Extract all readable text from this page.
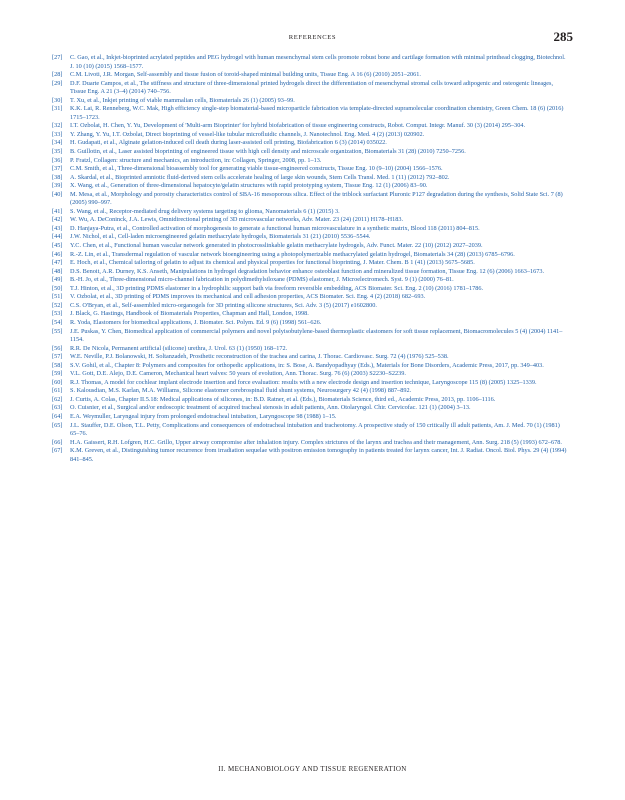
REFERENCES	285
[27] C. Gao, et al., Inkjet-bioprinted acrylated peptides and PEG hydrogel with human mesenchymal stem cells promote robust bone and cartilage formation with minimal printhead clogging, Biotechnol. J. 10 (10) (2015) 1568–1577.
[28] C.M. Livoti, J.R. Morgan, Self-assembly and tissue fusion of toroid-shaped minimal building units, Tissue Eng. A 16 (6) (2010) 2051–2061.
[29] D.F. Duarte Campos, et al., The stiffness and structure of three-dimensional printed hydrogels direct the differentiation of mesenchymal stromal cells toward adipogenic and osteogenic lineages, Tissue Eng. A 21 (3–4) (2014) 740–756.
[30] T. Xu, et al., Inkjet printing of viable mammalian cells, Biomaterials 26 (1) (2005) 93–99.
[31] K.K. Lai, R. Renneberg, W.C. Mak, High efficiency single-step biomaterial-based microparticle fabrication via template-directed supramolecular coordination chemistry, Green Chem. 18 (6) (2016) 1715–1723.
[32] I.T. Ozbolat, H. Chen, Y. Yu, Development of 'Multi-arm Bioprinter' for hybrid biofabrication of tissue engineering constructs, Robot. Comput. Integr. Manuf. 30 (3) (2014) 295–304.
[33] Y. Zhang, Y. Yu, I.T. Ozbolat, Direct bioprinting of vessel-like tubular microfluidic channels, J. Nanotechnol. Eng. Med. 4 (2) (2013) 020902.
[34] H. Gudapati, et al., Alginate gelation-induced cell death during laser-assisted cell printing, Biofabrication 6 (3) (2014) 035022.
[35] B. Guillotin, et al., Laser assisted bioprinting of engineered tissue with high cell density and microscale organization, Biomaterials 31 (28) (2010) 7250–7256.
[36] P. Fratzl, Collagen: structure and mechanics, an introduction, in: Collagen, Springer, 2008, pp. 1–13.
[37] C.M. Smith, et al., Three-dimensional bioassembly tool for generating viable tissue-engineered constructs, Tissue Eng. 10 (9–10) (2004) 1566–1576.
[38] A. Skardal, et al., Bioprinted amniotic fluid-derived stem cells accelerate healing of large skin wounds, Stem Cells Transl. Med. 1 (11) (2012) 792–802.
[39] X. Wang, et al., Generation of three-dimensional hepatocyte/gelatin structures with rapid prototyping system, Tissue Eng. 12 (1) (2006) 83–90.
[40] M. Mesa, et al., Morphology and porosity characteristics control of SBA-16 mesoporous silica. Effect of the triblock surfactant Pluronic P127 degradation during the synthesis, Solid State Sci. 7 (8) (2005) 990–997.
[41] S. Wang, et al., Receptor-mediated drug delivery systems targeting to glioma, Nanomaterials 6 (1) (2015) 3.
[42] W. Wu, A. DeConinck, J.A. Lewis, Omnidirectional printing of 3D microvascular networks, Adv. Mater. 23 (24) (2011) H178–H183.
[43] D. Hanjaya-Putra, et al., Controlled activation of morphogenesis to generate a functional human microvasculature in a synthetic matrix, Blood 118 (2011) 804–815.
[44] J.W. Nichol, et al., Cell-laden microengineered gelatin methacrylate hydrogels, Biomaterials 31 (21) (2010) 5536–5544.
[45] Y.C. Chen, et al., Functional human vascular network generated in photocrosslinkable gelatin methacrylate hydrogels, Adv. Funct. Mater. 22 (10) (2012) 2027–2039.
[46] R.-Z. Lin, et al., Transdermal regulation of vascular network bioengineering using a photopolymerizable methacrylated gelatin hydrogel, Biomaterials 34 (28) (2013) 6785–6796.
[47] E. Hoch, et al., Chemical tailoring of gelatin to adjust its chemical and physical properties for functional bioprinting, J. Mater. Chem. B 1 (41) (2013) 5675–5685.
[48] D.S. Benoit, A.R. Durney, K.S. Anseth, Manipulations in hydrogel degradation behavior enhance osteoblast function and mineralized tissue formation, Tissue Eng. 12 (6) (2006) 1663–1673.
[49] B.-H. Jo, et al., Three-dimensional micro-channel fabrication in polydimethylsiloxane (PDMS) elastomer, J. Microelectromech. Syst. 9 (1) (2000) 76–81.
[50] T.J. Hinton, et al., 3D printing PDMS elastomer in a hydrophilic support bath via freeform reversible embedding, ACS Biomater. Sci. Eng. 2 (10) (2016) 1781–1786.
[51] V. Ozbolat, et al., 3D printing of PDMS improves its mechanical and cell adhesion properties, ACS Biomater. Sci. Eng. 4 (2) (2018) 682–693.
[52] C.S. O'Bryan, et al., Self-assembled micro-organogels for 3D printing silicone structures, Sci. Adv. 3 (5) (2017) e1602800.
[53] J. Black, G. Hastings, Handbook of Biomaterials Properties, Chapman and Hall, London, 1998.
[54] R. Yoda, Elastomers for biomedical applications, J. Biomater. Sci. Polym. Ed. 9 (6) (1998) 561–626.
[55] J.E. Puskas, Y. Chen, Biomedical application of commercial polymers and novel polyisobutylene-based thermoplastic elastomers for soft tissue replacement, Biomacromolecules 5 (4) (2004) 1141–1154.
[56] R.R. De Nicola, Permanent artificial (silicone) urethra, J. Urol. 63 (1) (1950) 168–172.
[57] W.E. Neville, P.J. Bolanowski, H. Soltanzadeh, Prosthetic reconstruction of the trachea and carina, J. Thorac. Cardiovasc. Surg. 72 (4) (1976) 525–538.
[58] S.V. Gohil, et al., Chapter 8: Polymers and composites for orthopedic applications, in: S. Bose, A. Bandyopadhyay (Eds.), Materials for Bone Disorders, Academic Press, 2017, pp. 349–403.
[59] V.L. Gott, D.E. Alejo, D.E. Cameron, Mechanical heart valves: 50 years of evolution, Ann. Thorac. Surg. 76 (6) (2003) S2230–S2239.
[60] R.J. Thomas, A model for cochlear implant electrode insertion and force evaluation: results with a new electrode design and insertion technique, Laryngoscope 115 (8) (2005) 1325–1339.
[61] S. Kalousdian, M.S. Karlan, M.A. Williams, Silicone elastomer cerebrospinal fluid shunt systems, Neurosurgery 42 (4) (1998) 887–892.
[62] J. Curtis, A. Colas, Chapter II.5.18: Medical applications of silicones, in: B.D. Ratner, et al. (Eds.), Biomaterials Science, third ed., Academic Press, 2013, pp. 1106–1116.
[63] O. Cuisnier, et al., Surgical and/or endoscopic treatment of acquired tracheal stenosis in adult patients, Ann. Otolaryngol. Chir. Cervicofac. 121 (1) (2004) 3–13.
[64] E.A. Weymuller, Laryngeal injury from prolonged endotracheal intubation, Laryngoscope 98 (1988) 1–15.
[65] J.L. Stauffer, D.E. Olson, T.L. Petty, Complications and consequences of endotracheal intubation and tracheotomy. A prospective study of 150 critically ill adult patients, Am. J. Med. 70 (1) (1981) 65–76.
[66] H.A. Gaissert, R.H. Lofgren, H.C. Grillo, Upper airway compromise after inhalation injury. Complex strictures of the larynx and trachea and their management, Ann. Surg. 218 (5) (1993) 672–678.
[67] K.M. Greven, et al., Distinguishing tumor recurrence from irradiation sequelae with positron emission tomography in patients treated for larynx cancer, Int. J. Radiat. Oncol. Biol. Phys. 29 (4) (1994) 841–845.
II. MECHANOBIOLOGY AND TISSUE REGENERATION
